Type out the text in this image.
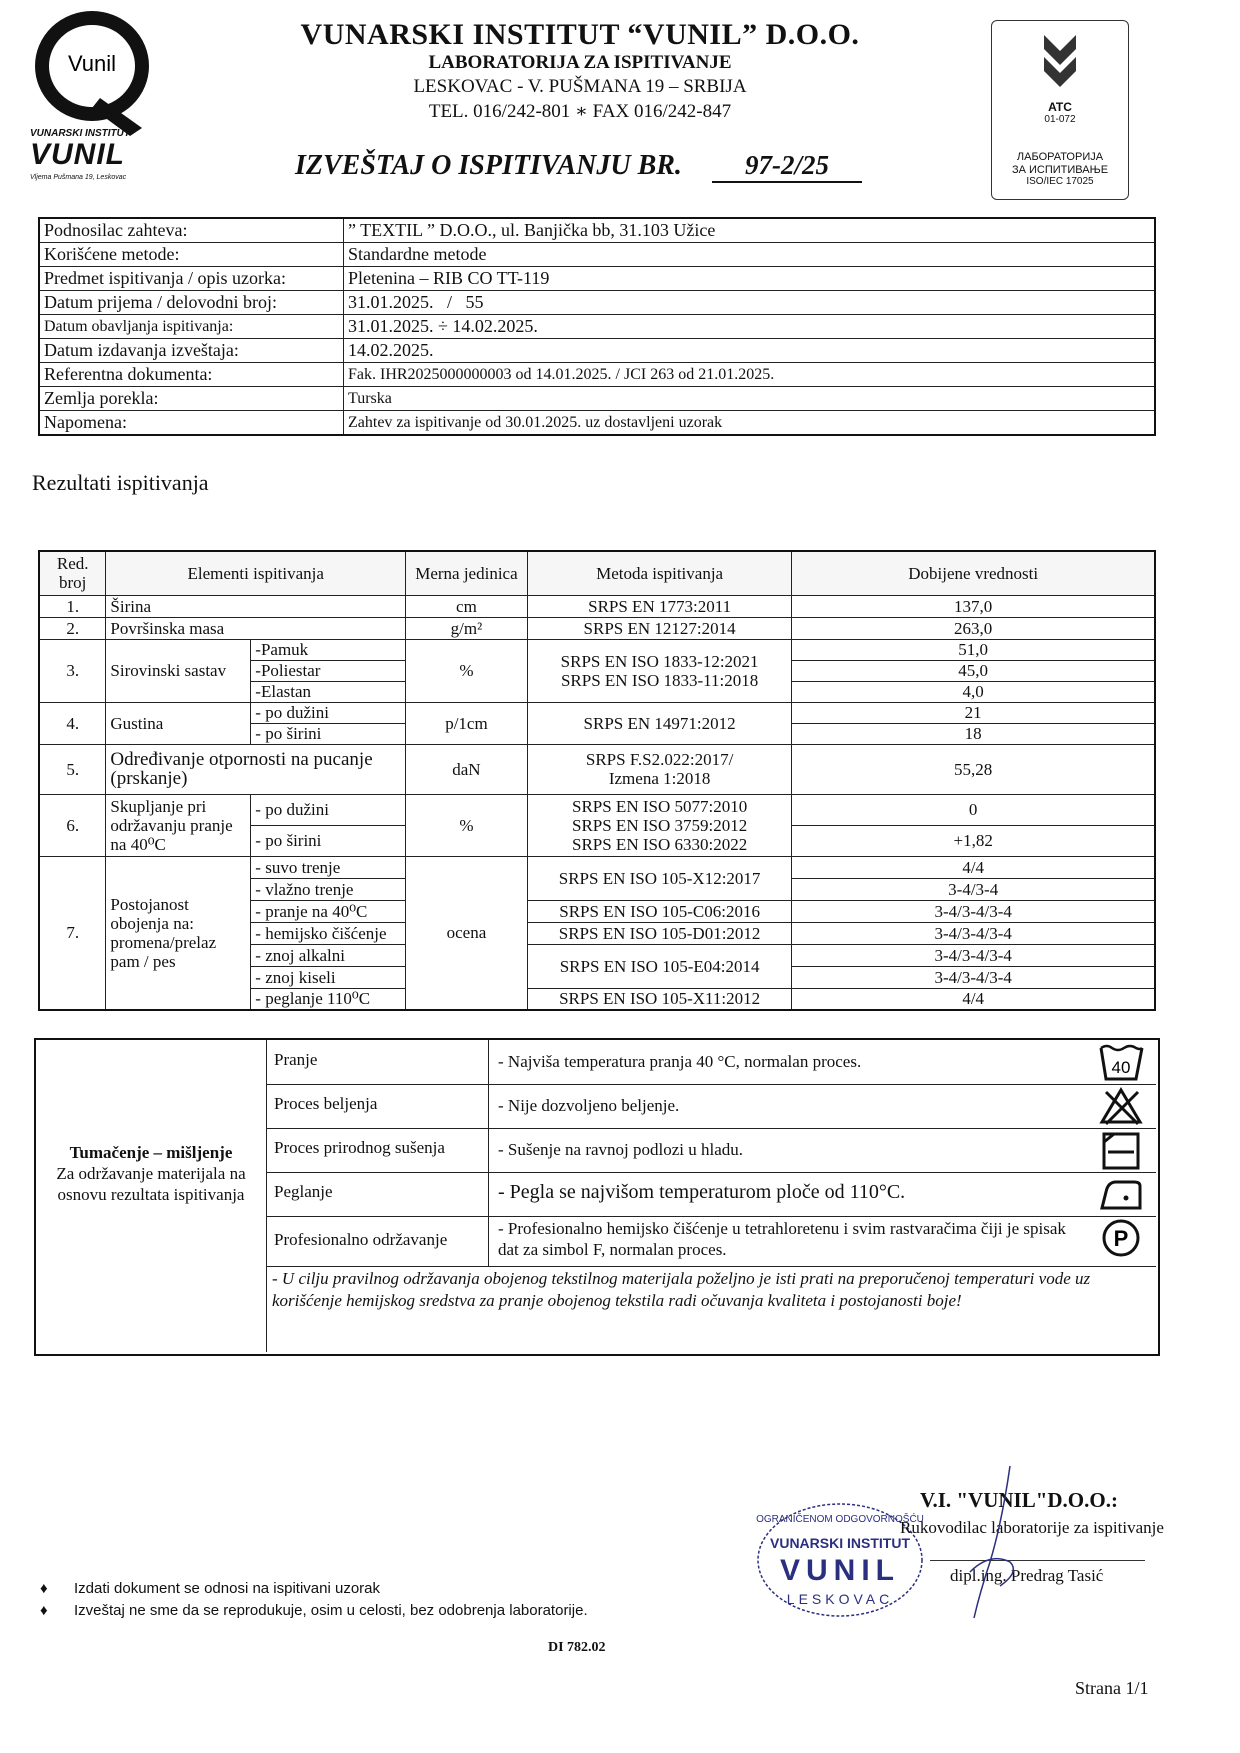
Vunil
VUNARSKI INSTITUT
VUNIL
Vljema Pušmana 19, Leskovac
VUNARSKI INSTITUT “VUNIL” D.O.O.
LABORATORIJA ZA ISPITIVANJE
LESKOVAC - V. PUŠMANA 19 – SRBIJA
TEL. 016/242-801 ∗ FAX 016/242-847
IZVEŠTAJ O ISPITIVANJU BR.	97-2/25
ATC
01-072
ЛАБОРАТОРИЈА
ЗА ИСПИТИВАЊЕ
ISO/IEC 17025
Podnosilac zahteva:	” TEXTIL ” D.O.O., ul. Banjička bb, 31.103 Užice
Korišćene metode:	Standardne metode
Predmet ispitivanja / opis uzorka:	Pletenina – RIB CO TT-119
Datum prijema / delovodni broj:	31.01.2025.   /   55
Datum obavljanja ispitivanja:	31.01.2025. ÷ 14.02.2025.
Datum izdavanja izveštaja:	14.02.2025.
Referentna dokumenta:	Fak. IHR2025000000003 od 14.01.2025. / JCI 263 od 21.01.2025.
Zemlja porekla:	Turska
Napomena:	Zahtev za ispitivanje od 30.01.2025. uz dostavljeni uzorak
Rezultati ispitivanja
Red. broj	Elementi ispitivanja		Merna jedinica	Metoda ispitivanja	Dobijene vrednosti
1.	Širina		cm	SRPS EN 1773:2011	137,0
2.	Površinska masa		g/m²	SRPS EN 12127:2014	263,0
3.	Sirovinski sastav	-Pamuk	%	SRPS EN ISO 1833-12:2021
SRPS EN ISO 1833-11:2018	51,0
		-Poliestar			45,0
		-Elastan			4,0
4.	Gustina	- po dužini	p/1cm	SRPS EN 14971:2012	21
		- po širini			18
5.	Određivanje otpornosti na pucanje (prskanje)		daN	SRPS F.S2.022:2017/
Izmena 1:2018	55,28
6.	Skupljanje pri održavanju pranje na 40⁰C	- po dužini	%	SRPS EN ISO 5077:2010
SRPS EN ISO 3759:2012
SRPS EN ISO 6330:2022	0
		- po širini			+1,82
7.	Postojanost obojenja na: promena/prelaz pam / pes	- suvo trenje	ocena	SRPS EN ISO 105-X12:2017	4/4
		- vlažno trenje			3-4/3-4
		- pranje na 40⁰C		SRPS EN ISO 105-C06:2016	3-4/3-4/3-4
		- hemijsko čišćenje		SRPS EN ISO 105-D01:2012	3-4/3-4/3-4
		- znoj alkalni		SRPS EN ISO 105-E04:2014	3-4/3-4/3-4
		- znoj kiseli			3-4/3-4/3-4
		- peglanje 110⁰C		SRPS EN ISO 105-X11:2012	4/4
Tumačenje – mišljenje
Za održavanje materijala na osnovu rezultata ispitivanja
Pranje	- Najviša temperatura pranja 40 °C, normalan proces.	40
Proces beljenja	- Nije dozvoljeno beljenje.
Proces prirodnog sušenja	- Sušenje na ravnoj podlozi u hladu.
Peglanje	- Pegla se najvišom temperaturom ploče od 110°C.
Profesionalno održavanje
- Profesionalno hemijsko čišćenje u tetrahloretenu i svim rastvaračima čiji je spisak dat za simbol F, normalan proces.	P
- U cilju pravilnog održavanja obojenog tekstilnog materijala poželjno je isti prati na preporučenoj temperaturi vode uz korišćenje hemijskog sredstva za pranje obojenog tekstila radi očuvanja kvaliteta i postojanosti boje!
OGRANIČENOM ODGOVORNOŠĆU
VUNARSKI INSTITUT
VUNIL
LESKOVAC
V.I. "VUNIL"D.O.O.:
Rukovodilac laboratorije za ispitivanje
dipl.ing. Predrag Tasić
♦ Izdati dokument se odnosi na ispitivani uzorak
♦ Izveštaj ne sme da se reprodukuje, osim u celosti, bez odobrenja laboratorije.
DI 782.02
Strana 1/1
